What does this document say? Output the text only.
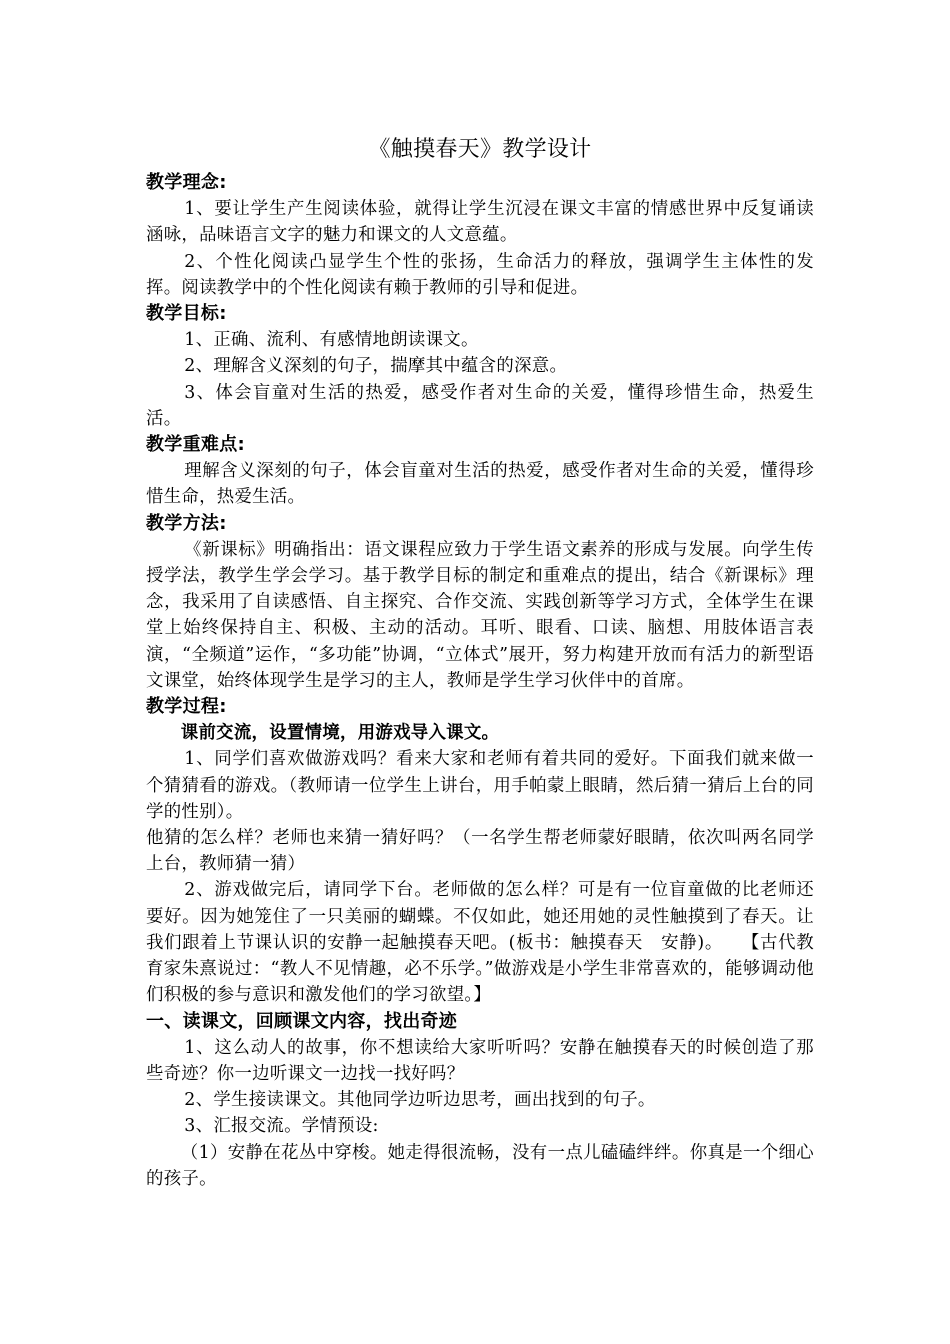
《触摸春天》教学设计

教学理念:

1、要让学生产生阅读体验，就得让学生沉浸在课文丰富的情感世界中反复诵读涵咏，品味语言文字的魅力和课文的人文意蕴。

2、个性化阅读凸显学生个性的张扬，生命活力的释放，强调学生主体性的发挥。阅读教学中的个性化阅读有赖于教师的引导和促进。

教学目标:

1、正确、流利、有感情地朗读课文。

2、理解含义深刻的句子，揣摩其中蕴含的深意。

3、体会盲童对生活的热爱，感受作者对生命的关爱，懂得珍惜生命，热爱生活。

教学重难点:

理解含义深刻的句子，体会盲童对生活的热爱，感受作者对生命的关爱，懂得珍惜生命，热爱生活。

教学方法:

《新课标》明确指出：语文课程应致力于学生语文素养的形成与发展。向学生传授学法，教学生学会学习。基于教学目标的制定和重难点的提出，结合《新课标》理念，我采用了自读感悟、自主探究、合作交流、实践创新等学习方式，全体学生在课堂上始终保持自主、积极、主动的活动。耳听、眼看、口读、脑想、用肢体语言表演，“全频道”运作，“多功能”协调，“立体式”展开，努力构建开放而有活力的新型语文课堂，始终体现学生是学习的主人，教师是学生学习伙伴中的首席。

教学过程:

课前交流，设置情境，用游戏导入课文。

1、同学们喜欢做游戏吗？看来大家和老师有着共同的爱好。下面我们就来做一个猜猜看的游戏。（教师请一位学生上讲台，用手帕蒙上眼睛，然后猜一猜后上台的同学的性别）。

他猜的怎么样？老师也来猜一猜好吗？（一名学生帮老师蒙好眼睛，依次叫两名同学上台，教师猜一猜）

2、游戏做完后，请同学下台。老师做的怎么样？可是有一位盲童做的比老师还要好。因为她笼住了一只美丽的蝴蝶。不仅如此，她还用她的灵性触摸到了春天。让我们跟着上节课认识的安静一起触摸春天吧。(板书：触摸春天　安静)。　　【古代教育家朱熹说过：“教人不见情趣，必不乐学。”做游戏是小学生非常喜欢的，能够调动他们积极的参与意识和激发他们的学习欲望。】

一、读课文，回顾课文内容，找出奇迹

1、这么动人的故事，你不想读给大家听听吗？安静在触摸春天的时候创造了那些奇迹？你一边听课文一边找一找好吗？

2、学生接读课文。其他同学边听边思考，画出找到的句子。

3、汇报交流。学情预设:

（1）安静在花丛中穿梭。她走得很流畅，没有一点儿磕磕绊绊。你真是一个细心的孩子。
